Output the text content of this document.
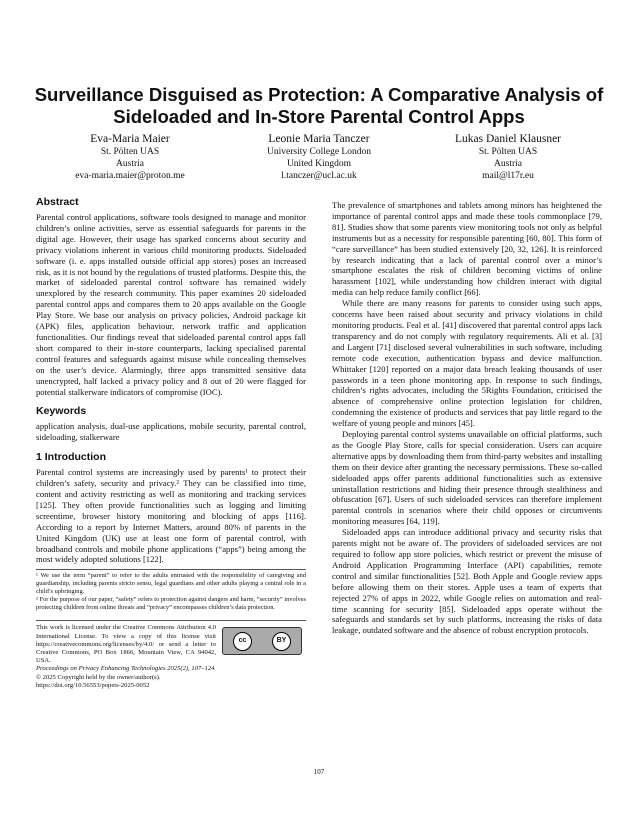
Surveillance Disguised as Protection: A Comparative Analysis of Sideloaded and In-Store Parental Control Apps
Eva-Maria Maier
St. Pölten UAS
Austria
eva-maria.maier@proton.me
Leonie Maria Tanczer
University College London
United Kingdom
l.tanczer@ucl.ac.uk
Lukas Daniel Klausner
St. Pölten UAS
Austria
mail@l17r.eu
Abstract

Parental control applications, software tools designed to manage and monitor children’s online activities, serve as essential safeguards for parents in the digital age. However, their usage has sparked concerns about security and privacy violations inherent in various child monitoring products. Sideloaded software (i. e. apps installed outside official app stores) poses an increased risk, as it is not bound by the regulations of trusted platforms. Despite this, the market of sideloaded parental control software has remained widely unexplored by the research community. This paper examines 20 sideloaded parental control apps and compares them to 20 apps available on the Google Play Store. We base our analysis on privacy policies, Android package kit (APK) files, application behaviour, network traffic and application functionalities. Our findings reveal that sideloaded parental control apps fall short compared to their in-store counterparts, lacking specialised parental control features and safeguards against misuse while concealing themselves on the user’s device. Alarmingly, three apps transmitted sensitive data unencrypted, half lacked a privacy policy and 8 out of 20 were flagged for potential stalkerware indicators of compromise (IOC).

Keywords

application analysis, dual-use applications, mobile security, parental control, sideloading, stalkerware

1 Introduction

Parental control systems are increasingly used by parents¹ to protect their children’s safety, security and privacy.² They can be classified into time, content and activity restricting as well as monitoring and tracking services [125]. They often provide functionalities such as logging and limiting screentime, browser history monitoring and blocking of apps [116]. According to a report by Internet Matters, around 80% of parents in the United Kingdom (UK) use at least one form of parental control, with broadband controls and mobile phone applications (“apps”) being among the most widely adopted solutions [122].

¹ We use the term “parent” to refer to the adults entrusted with the responsibility of caregiving and guardianship, including parents stricto sensu, legal guardians and other adults playing a central role in a child’s upbringing.

² For the purpose of our paper, “safety” refers to protection against dangers and harm, “security” involves protecting children from online threats and “privacy” encompasses children’s data protection.

This work is licensed under the Creative Commons Attribution 4.0 International License. To view a copy of this license visit https://creativecommons.org/licenses/by/4.0/ or send a letter to Creative Commons, PO Box 1866, Mountain View, CA 94042, USA.

Proceedings on Privacy Enhancing Technologies 2025(2), 107–124

© 2025 Copyright held by the owner/author(s).

https://doi.org/10.56553/popets-2025-0052

cc	BY

The prevalence of smartphones and tablets among minors has heightened the importance of parental control apps and made these tools commonplace [79, 81]. Studies show that some parents view monitoring tools not only as helpful instruments but as a necessity for responsible parenting [60, 80]. This form of “care surveillance” has been studied extensively [20, 32, 126]. It is reinforced by research indicating that a lack of parental control over a minor’s smartphone escalates the risk of children becoming victims of online harassment [102], while understanding how children interact with digital media can help reduce family conflict [66].

While there are many reasons for parents to consider using such apps, concerns have been raised about security and privacy violations in child monitoring products. Feal et al. [41] discovered that parental control apps lack transparency and do not comply with regulatory requirements. Ali et al. [3] and Largent [71] disclosed several vulnerabilities in such software, including remote code execution, authentication bypass and device malfunction. Whittaker [120] reported on a major data breach leaking thousands of user passwords in a teen phone monitoring app. In response to such findings, children’s rights advocates, including the 5Rights Foundation, criticised the absence of comprehensive online protection legislation for children, condemning the existence of products and services that pay little regard to the welfare of young people and minors [45].

Deploying parental control systems unavailable on official platforms, such as the Google Play Store, calls for special consideration. Users can acquire alternative apps by downloading them from third-party websites and installing them on their device after granting the necessary permissions. These so-called sideloaded apps offer parents additional functionalities such as extensive uninstallation restrictions and hiding their presence through stealthiness and obfuscation [67]. Users of such sideloaded services can therefore implement parental controls in scenarios where their child opposes or circumvents monitoring measures [64, 119].

Sideloaded apps can introduce additional privacy and security risks that parents might not be aware of. The providers of sideloaded services are not required to follow app store policies, which restrict or prevent the misuse of Android Application Programming Interface (API) capabilities, remote control and similar functionalities [52]. Both Apple and Google review apps before allowing them on their stores. Apple uses a team of experts that rejected 27% of apps in 2022, while Google relies on automation and real-time scanning for security [85]. Sideloaded apps operate without the safeguards and standards set by such platforms, increasing the risks of data leakage, outdated software and the absence of robust encryption protocols.

107
